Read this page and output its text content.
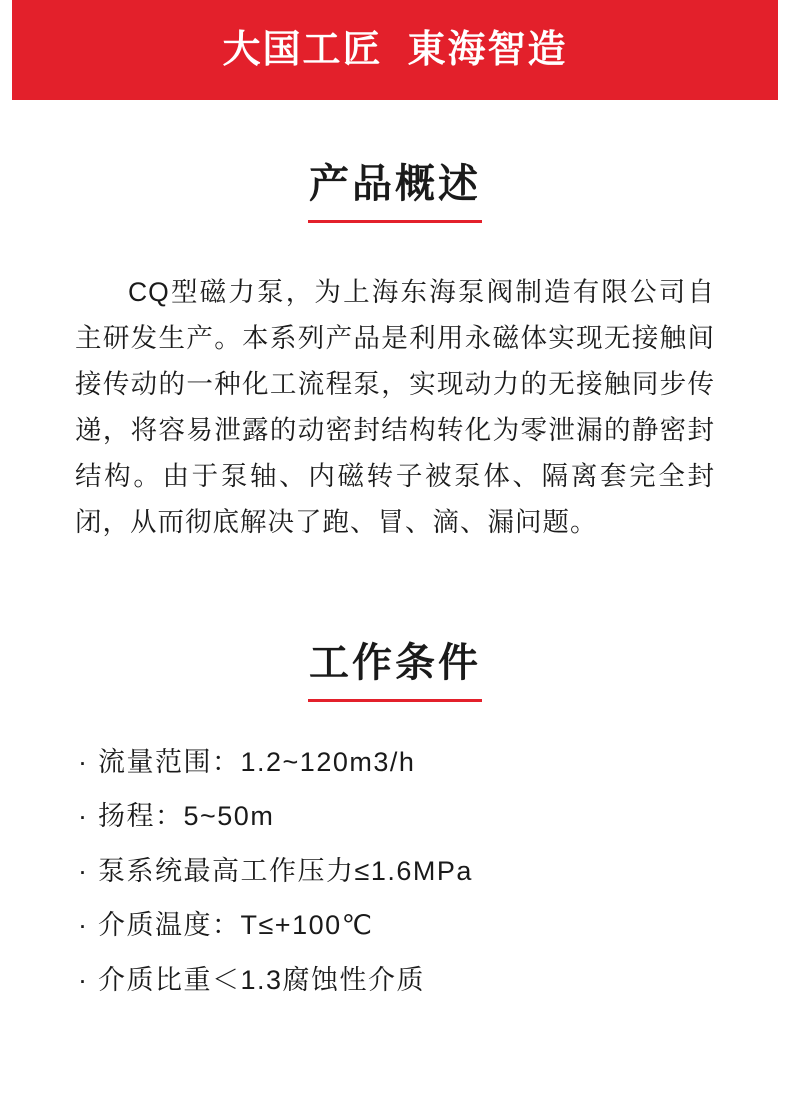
大国工匠  東海智造
产品概述

CQ型磁力泵，为上海东海泵阀制造有限公司自主研发生产。本系列产品是利用永磁体实现无接触间接传动的一种化工流程泵，实现动力的无接触同步传递，将容易泄露的动密封结构转化为零泄漏的静密封结构。由于泵轴、内磁转子被泵体、隔离套完全封闭，从而彻底解决了跑、冒、滴、漏问题。

工作条件
· 流量范围：1.2~120m3/h
· 扬程：5~50m
· 泵系统最高工作压力≤1.6MPa
· 介质温度：T≤+100℃
· 介质比重＜1.3腐蚀性介质
